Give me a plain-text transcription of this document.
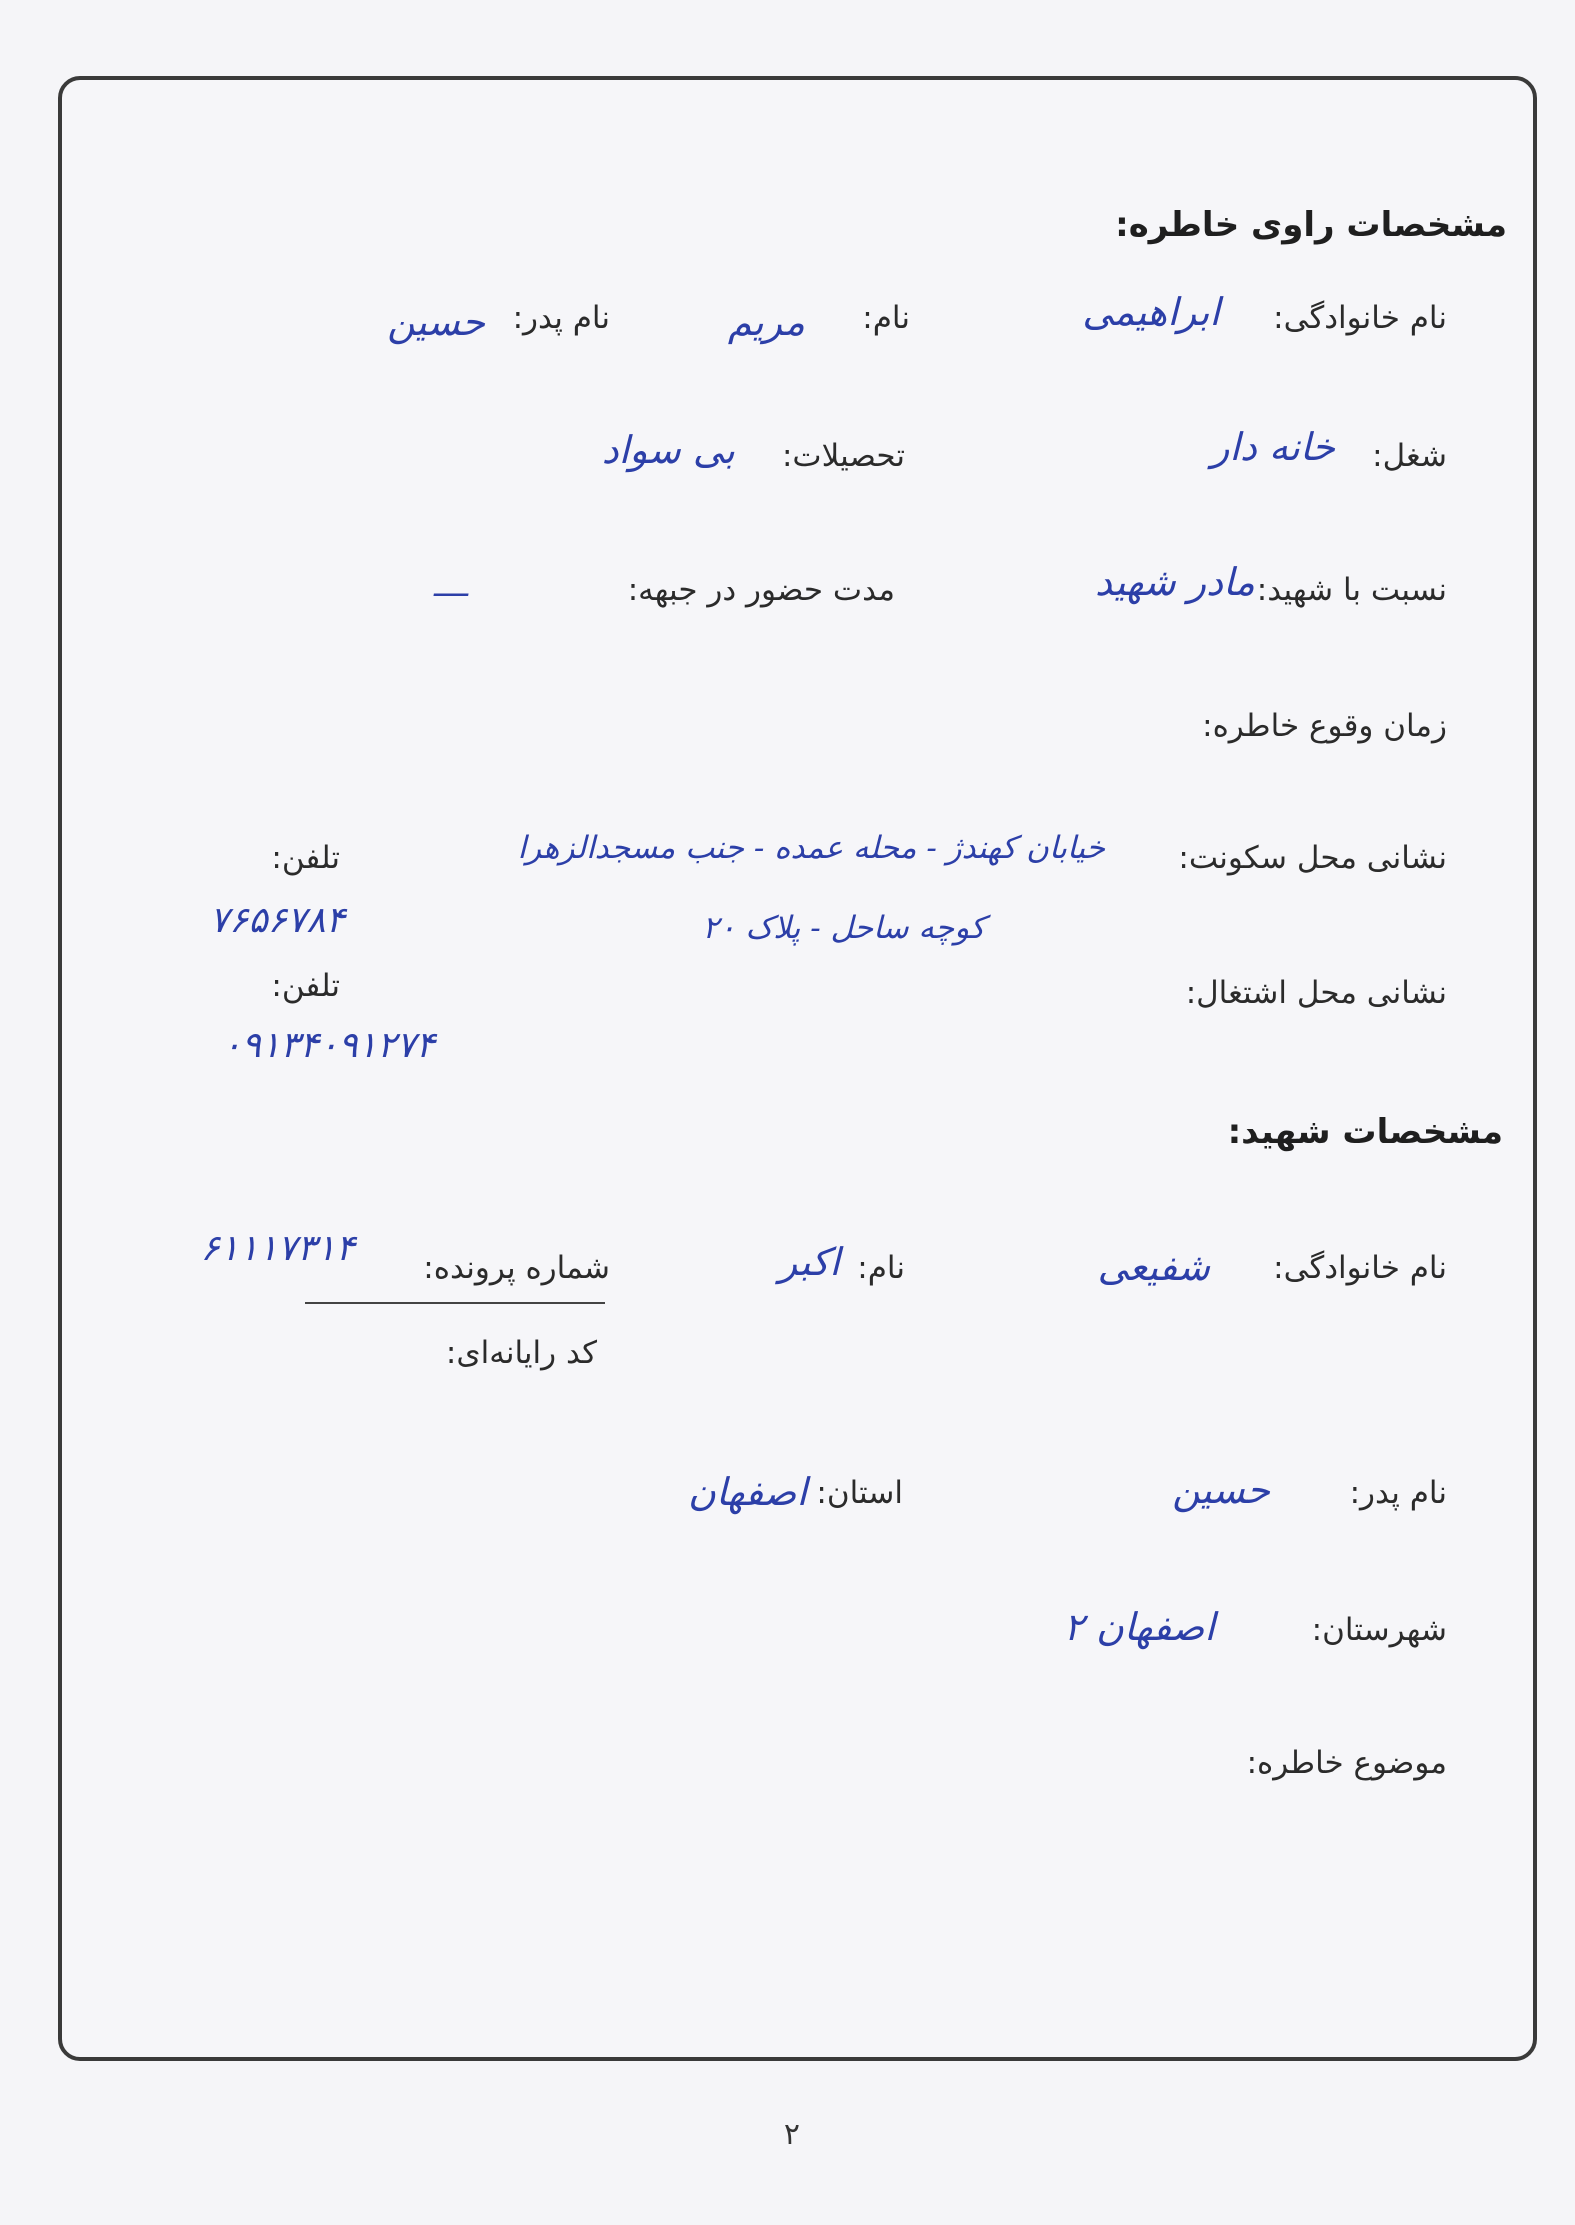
مشخصات راوی خاطره:
نام خانوادگی:
ابراهیمی
نام:
مریم
نام پدر:
حسین
شغل:
خانه دار
تحصیلات:
بی سواد
نسبت با شهید:
مادر شهید
مدت حضور در جبهه:
—
زمان وقوع خاطره:
نشانی محل سکونت:
خیابان کهندژ - محله عمده - جنب مسجدالزهرا
کوچه ساحل - پلاک ۲۰
تلفن:
۷۶۵۶۷۸۴
نشانی محل اشتغال:
تلفن:
۰۹۱۳۴۰۹۱۲۷۴
مشخصات شهید:
نام خانوادگی:
شفیعی
نام:
اکبر
شماره پرونده:
۶۱۱۱۷۳۱۴
کد رایانه‌ای:
نام پدر:
حسین
استان:
اصفهان
شهرستان:
اصفهان ۲
موضوع خاطره:
۲
